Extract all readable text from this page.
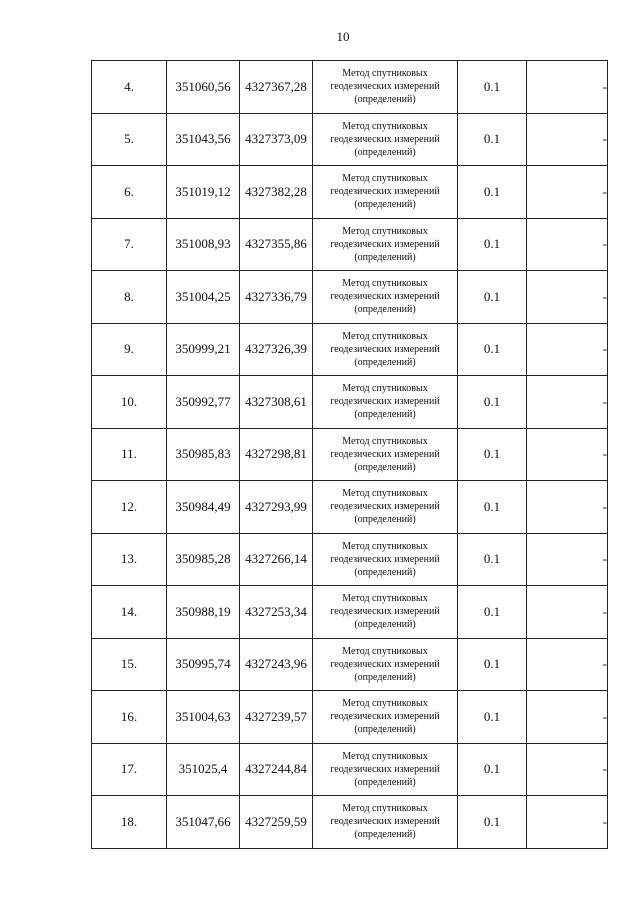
10
4.	351060,56	4327367,28	Метод спутниковых
геодезических измерений
(определений)	0.1	-
5.	351043,56	4327373,09	Метод спутниковых
геодезических измерений
(определений)	0.1	-
6.	351019,12	4327382,28	Метод спутниковых
геодезических измерений
(определений)	0.1	-
7.	351008,93	4327355,86	Метод спутниковых
геодезических измерений
(определений)	0.1	-
8.	351004,25	4327336,79	Метод спутниковых
геодезических измерений
(определений)	0.1	-
9.	350999,21	4327326,39	Метод спутниковых
геодезических измерений
(определений)	0.1	-
10.	350992,77	4327308,61	Метод спутниковых
геодезических измерений
(определений)	0.1	-
11.	350985,83	4327298,81	Метод спутниковых
геодезических измерений
(определений)	0.1	-
12.	350984,49	4327293,99	Метод спутниковых
геодезических измерений
(определений)	0.1	-
13.	350985,28	4327266,14	Метод спутниковых
геодезических измерений
(определений)	0.1	-
14.	350988,19	4327253,34	Метод спутниковых
геодезических измерений
(определений)	0.1	-
15.	350995,74	4327243,96	Метод спутниковых
геодезических измерений
(определений)	0.1	-
16.	351004,63	4327239,57	Метод спутниковых
геодезических измерений
(определений)	0.1	-
17.	351025,4	4327244,84	Метод спутниковых
геодезических измерений
(определений)	0.1	-
18.	351047,66	4327259,59	Метод спутниковых
геодезических измерений
(определений)	0.1	-
